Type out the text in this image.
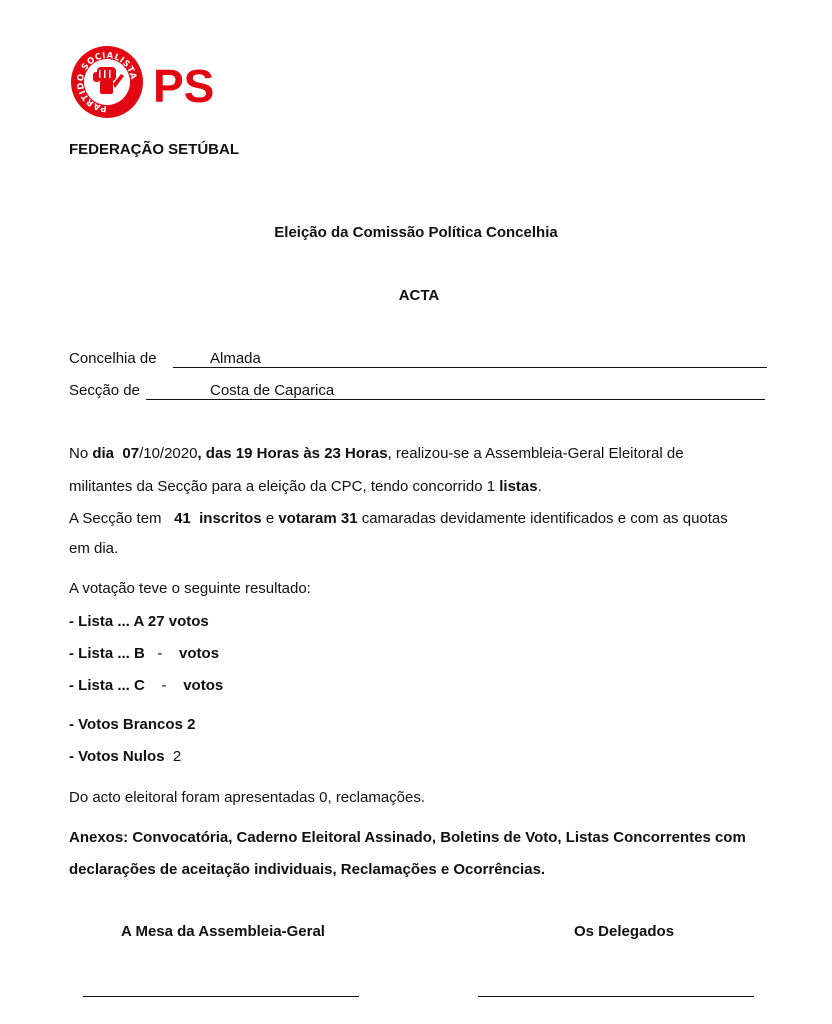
PARTIDO SOCIALISTA PS
FEDERAÇÃO SETÚBAL
Eleição da Comissão Política Concelhia
ACTA
Concelhia de	Almada
Secção de	Costa de Caparica
No dia 07/10/2020, das 19 Horas às 23 Horas, realizou-se a Assembleia-Geral Eleitoral de
militantes da Secção para a eleição da CPC, tendo concorrido 1 listas.
A Secção tem 41 inscritos e votaram 31 camaradas devidamente identificados e com as quotas
em dia.
A votação teve o seguinte resultado:
- Lista ... A 27 votos
- Lista ... B - votos
- Lista ... C - votos
- Votos Brancos 2
- Votos Nulos 2
Do acto eleitoral foram apresentadas 0, reclamações.
Anexos: Convocatória, Caderno Eleitoral Assinado, Boletins de Voto, Listas Concorrentes com
declarações de aceitação individuais, Reclamações e Ocorrências.
A Mesa da Assembleia-Geral	Os Delegados
